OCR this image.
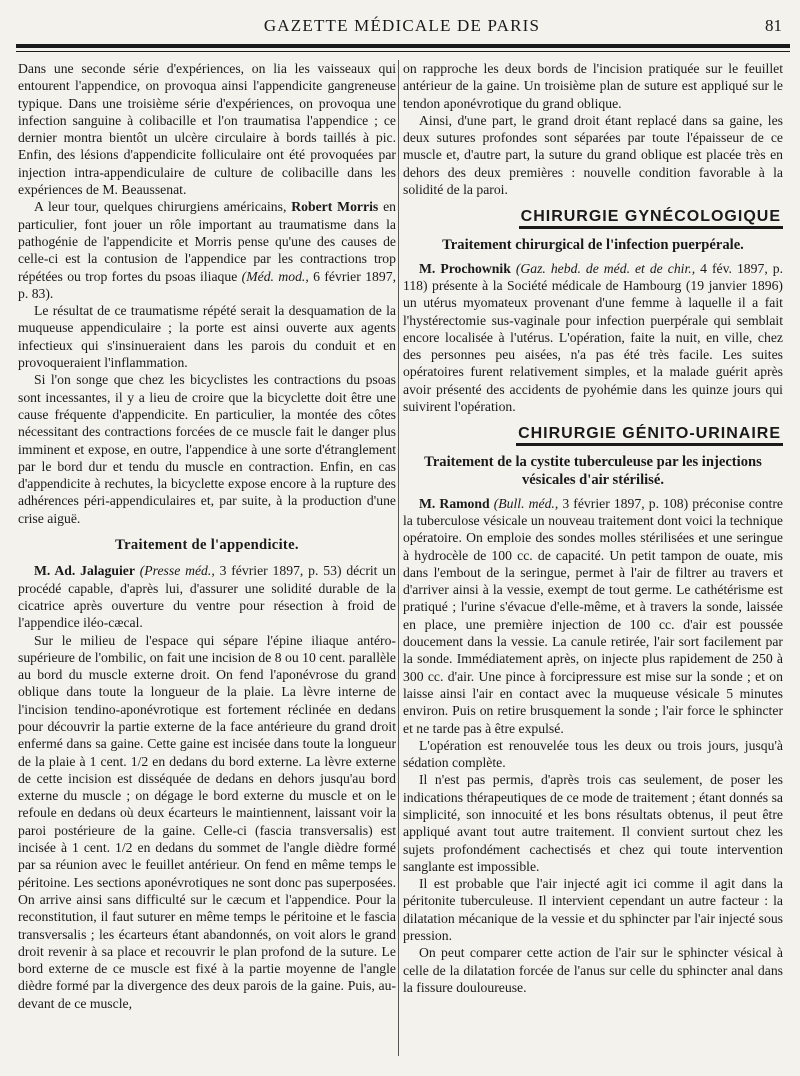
GAZETTE MÉDICALE DE PARIS	81

Dans une seconde série d'expériences, on lia les vaisseaux qui entourent l'appendice, on provoqua ainsi l'appendicite gangreneuse typique. Dans une troisième série d'expériences, on provoqua une infection sanguine à colibacille et l'on traumatisa l'appendice ; ce dernier montra bientôt un ulcère circulaire à bords taillés à pic. Enfin, des lésions d'appendicite folliculaire ont été provoquées par injection intra-appendiculaire de culture de colibacille dans les expériences de M. Beaussenat.

A leur tour, quelques chirurgiens américains, Robert Morris en particulier, font jouer un rôle important au traumatisme dans la pathogénie de l'appendicite et Morris pense qu'une des causes de celle-ci est la contusion de l'appendice par les contractions trop répétées ou trop fortes du psoas iliaque (Méd. mod., 6 février 1897, p. 83).

Le résultat de ce traumatisme répété serait la desquamation de la muqueuse appendiculaire ; la porte est ainsi ouverte aux agents infectieux qui s'insinueraient dans les parois du conduit et en provoqueraient l'inflammation.

Si l'on songe que chez les bicyclistes les contractions du psoas sont incessantes, il y a lieu de croire que la bicyclette doit être une cause fréquente d'appendicite. En particulier, la montée des côtes nécessitant des contractions forcées de ce muscle fait le danger plus imminent et expose, en outre, l'appendice à une sorte d'étranglement par le bord dur et tendu du muscle en contraction. Enfin, en cas d'appendicite à rechutes, la bicyclette expose encore à la rupture des adhérences péri-appendiculaires et, par suite, à la production d'une crise aiguë.

Traitement de l'appendicite.

M. Ad. Jalaguier (Presse méd., 3 février 1897, p. 53) décrit un procédé capable, d'après lui, d'assurer une solidité durable de la cicatrice après ouverture du ventre pour résection à froid de l'appendice iléo-cæcal.

Sur le milieu de l'espace qui sépare l'épine iliaque antéro-supérieure de l'ombilic, on fait une incision de 8 ou 10 cent. parallèle au bord du muscle externe droit. On fend l'aponévrose du grand oblique dans toute la longueur de la plaie. La lèvre interne de l'incision tendino-aponévrotique est fortement réclinée en dedans pour découvrir la partie externe de la face antérieure du grand droit enfermé dans sa gaine. Cette gaine est incisée dans toute la longueur de la plaie à 1 cent. 1/2 en dedans du bord externe. La lèvre externe de cette incision est disséquée de dedans en dehors jusqu'au bord externe du muscle ; on dégage le bord externe du muscle et on le refoule en dedans où deux écarteurs le maintiennent, laissant voir la paroi postérieure de la gaine. Celle-ci (fascia transversalis) est incisée à 1 cent. 1/2 en dedans du sommet de l'angle dièdre formé par sa réunion avec le feuillet antérieur. On fend en même temps le péritoine. Les sections aponévrotiques ne sont donc pas superposées. On arrive ainsi sans difficulté sur le cæcum et l'appendice. Pour la reconstitution, il faut suturer en même temps le péritoine et le fascia transversalis ; les écarteurs étant abandonnés, on voit alors le grand droit revenir à sa place et recouvrir le plan profond de la suture. Le bord externe de ce muscle est fixé à la partie moyenne de l'angle dièdre formé par la divergence des deux parois de la gaine. Puis, au-devant de ce muscle,

on rapproche les deux bords de l'incision pratiquée sur le feuillet antérieur de la gaine. Un troisième plan de suture est appliqué sur le tendon aponévrotique du grand oblique.

Ainsi, d'une part, le grand droit étant replacé dans sa gaine, les deux sutures profondes sont séparées par toute l'épaisseur de ce muscle et, d'autre part, la suture du grand oblique est placée très en dehors des deux premières : nouvelle condition favorable à la solidité de la paroi.

CHIRURGIE GYNÉCOLOGIQUE
Traitement chirurgical de l'infection puerpérale.

M. Prochownik (Gaz. hebd. de méd. et de chir., 4 fév. 1897, p. 118) présente à la Société médicale de Hambourg (19 janvier 1896) un utérus myomateux provenant d'une femme à laquelle il a fait l'hystérectomie sus-vaginale pour infection puerpérale qui semblait encore localisée à l'utérus. L'opération, faite la nuit, en ville, chez des personnes peu aisées, n'a pas été très facile. Les suites opératoires furent relativement simples, et la malade guérit après avoir présenté des accidents de pyohémie dans les quinze jours qui suivirent l'opération.

CHIRURGIE GÉNITO-URINAIRE
Traitement de la cystite tuberculeuse par les injections vésicales d'air stérilisé.

M. Ramond (Bull. méd., 3 février 1897, p. 108) préconise contre la tuberculose vésicale un nouveau traitement dont voici la technique opératoire. On emploie des sondes molles stérilisées et une seringue à hydrocèle de 100 cc. de capacité. Un petit tampon de ouate, mis dans l'embout de la seringue, permet à l'air de filtrer au travers et d'arriver ainsi à la vessie, exempt de tout germe. Le cathétérisme est pratiqué ; l'urine s'évacue d'elle-même, et à travers la sonde, laissée en place, une première injection de 100 cc. d'air est poussée doucement dans la vessie. La canule retirée, l'air sort facilement par la sonde. Immédiatement après, on injecte plus rapidement de 250 à 300 cc. d'air. Une pince à forcipressure est mise sur la sonde ; et on laisse ainsi l'air en contact avec la muqueuse vésicale 5 minutes environ. Puis on retire brusquement la sonde ; l'air force le sphincter et ne tarde pas à être expulsé.

L'opération est renouvelée tous les deux ou trois jours, jusqu'à sédation complète.

Il n'est pas permis, d'après trois cas seulement, de poser les indications thérapeutiques de ce mode de traitement ; étant donnés sa simplicité, son innocuité et les bons résultats obtenus, il peut être appliqué avant tout autre traitement. Il convient surtout chez les sujets profondément cachectisés et chez qui toute intervention sanglante est impossible.

Il est probable que l'air injecté agit ici comme il agit dans la péritonite tuberculeuse. Il intervient cependant un autre facteur : la dilatation mécanique de la vessie et du sphincter par l'air injecté sous pression.

On peut comparer cette action de l'air sur le sphincter vésical à celle de la dilatation forcée de l'anus sur celle du sphincter anal dans la fissure douloureuse.
